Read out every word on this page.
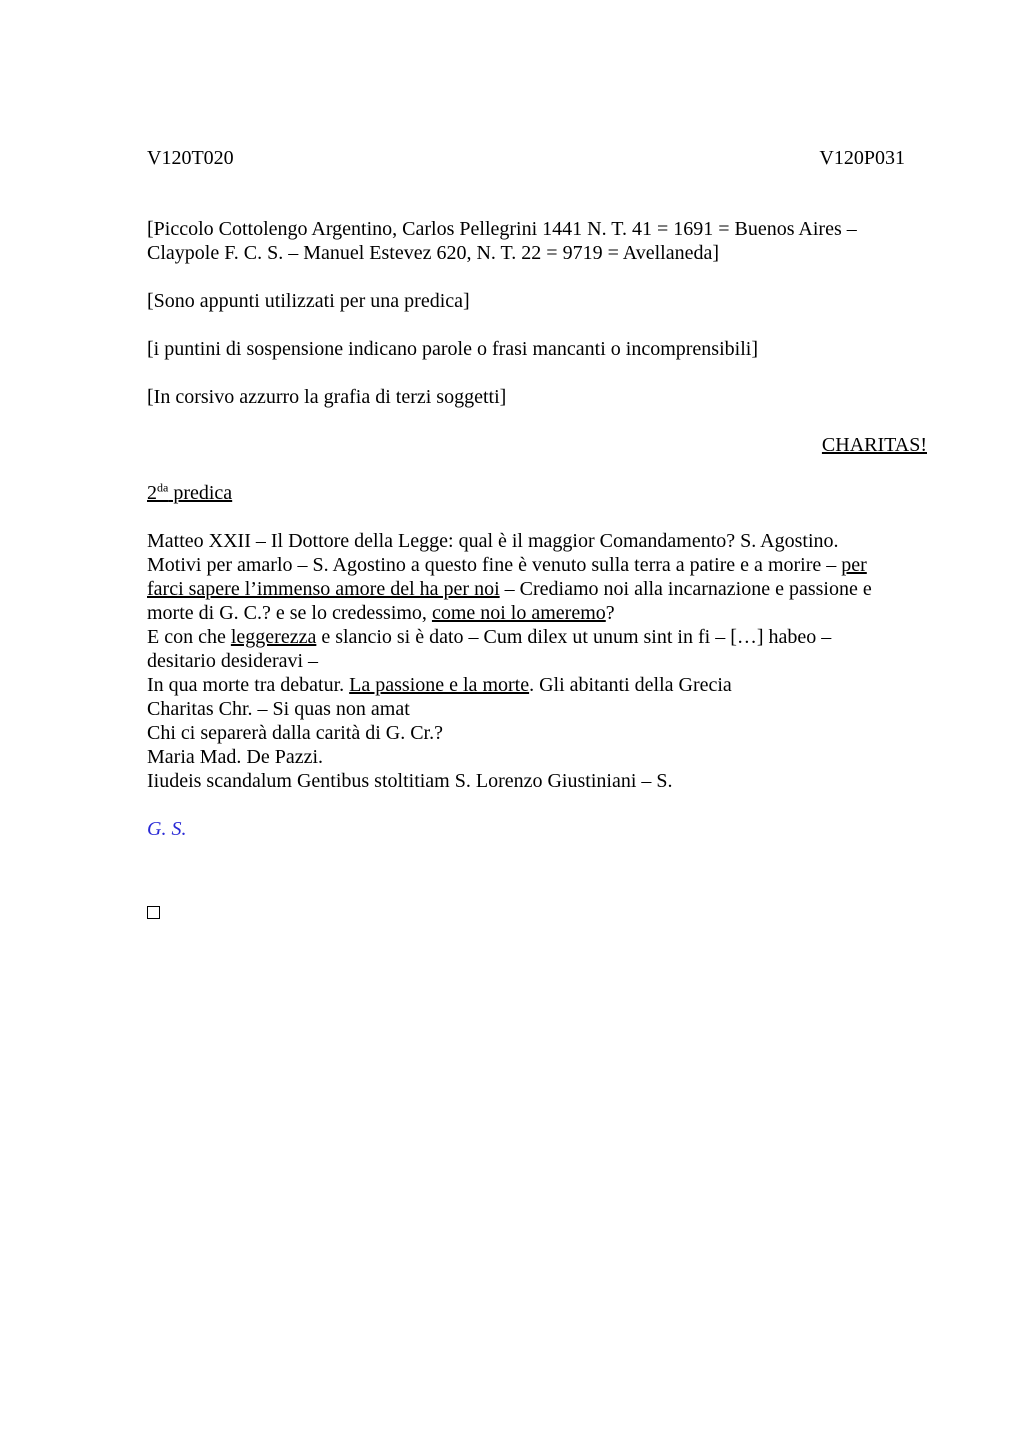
V120T020	V120P031
[Piccolo Cottolengo Argentino, Carlos Pellegrini 1441 N. T. 41 = 1691 = Buenos Aires –
Claypole F. C. S. – Manuel Estevez 620, N. T. 22 = 9719 = Avellaneda]
[Sono appunti utilizzati per una predica]
[i puntini di sospensione indicano parole o frasi mancanti o incomprensibili]
[In corsivo azzurro la grafia di terzi soggetti]
CHARITAS!
$2^{da}$ predica
Matteo XXII – Il Dottore della Legge: qual è il maggior Comandamento? S. Agostino.
Motivi per amarlo – S. Agostino a questo fine è venuto sulla terra a patire e a morire – per
farci sapere l’immenso amore del ha per noi – Crediamo noi alla incarnazione e passione e
morte di G. C.? e se lo credessimo, come noi lo ameremo?
E con che leggerezza e slancio si è dato – Cum dilex ut unum sint in fi – […] habeo –
desitario desideravi –
In qua morte tra debatur. La passione e la morte. Gli abitanti della Grecia
Charitas Chr. – Si quas non amat
Chi ci separerà dalla carità di G. Cr.?
Maria Mad. De Pazzi.
Iiudeis scandalum Gentibus stoltitiam S. Lorenzo Giustiniani – S.
G. S.
